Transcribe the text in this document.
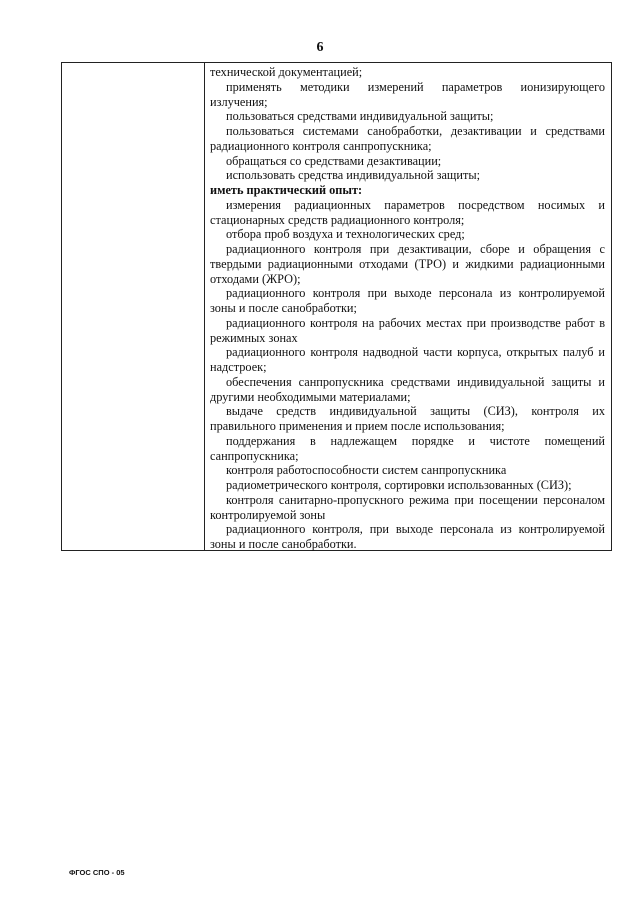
6
технической документацией;
применять методики измерений параметров ионизирующего излучения;
пользоваться средствами индивидуальной защиты;
пользоваться системами санобработки, дезактивации и средствами радиационного контроля санпропускника;
обращаться со средствами дезактивации;
использовать средства индивидуальной защиты;
иметь практический опыт:
измерения радиационных параметров посредством носимых и стационарных средств радиационного контроля;
отбора проб воздуха и технологических сред;
радиационного контроля при дезактивации, сборе и обращения с твердыми радиационными отходами (ТРО) и жидкими радиационными отходами (ЖРО);
радиационного контроля при выходе персонала из контролируемой зоны и после санобработки;
радиационного контроля на рабочих местах при производстве работ в режимных зонах
радиационного контроля надводной части корпуса, открытых палуб и надстроек;
обеспечения санпропускника средствами индивидуальной защиты и другими необходимыми материалами;
выдаче средств индивидуальной защиты (СИЗ), контроля их правильного применения и прием после использования;
поддержания в надлежащем порядке и чистоте помещений санпропускника;
контроля работоспособности систем санпропускника
радиометрического контроля, сортировки использованных (СИЗ);
контроля санитарно-пропускного режима при посещении персоналом контролируемой зоны
радиационного контроля, при выходе персонала из контролируемой зоны и после санобработки.
ФГОС СПО - 05
